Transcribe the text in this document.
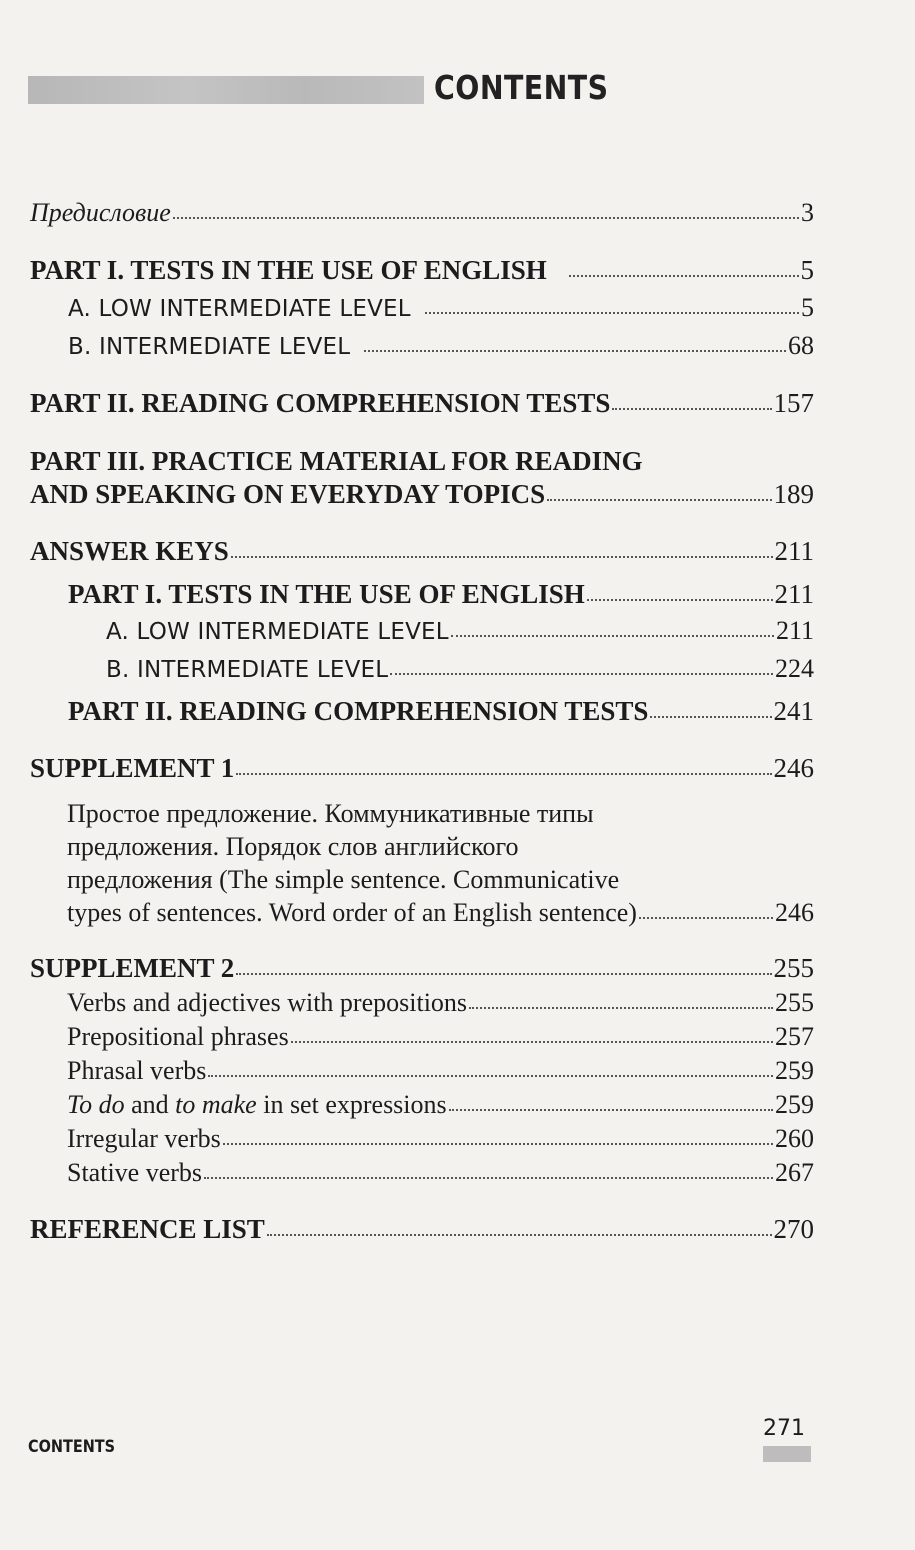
CONTENTS
Предисловие	3
PART I. TESTS IN THE USE OF ENGLISH	5
A. LOW INTERMEDIATE LEVEL	5
B. INTERMEDIATE LEVEL	68
PART II. READING COMPREHENSION TESTS	157
PART III. PRACTICE MATERIAL FOR READING
AND SPEAKING ON EVERYDAY TOPICS	189
ANSWER KEYS	211
PART I. TESTS IN THE USE OF ENGLISH	211
A. LOW INTERMEDIATE LEVEL	211
B. INTERMEDIATE LEVEL	224
PART II. READING COMPREHENSION TESTS	241
SUPPLEMENT 1	246
Простое предложение. Коммуникативные типы
предложения. Порядок слов английского
предложения (The simple sentence. Communicative
types of sentences. Word order of an English sentence)	246
SUPPLEMENT 2	255
Verbs and adjectives with prepositions	255
Prepositional phrases	257
Phrasal verbs	259
To do and to make in set expressions	259
Irregular verbs	260
Stative verbs	267
REFERENCE LIST	270
CONTENTS
271
